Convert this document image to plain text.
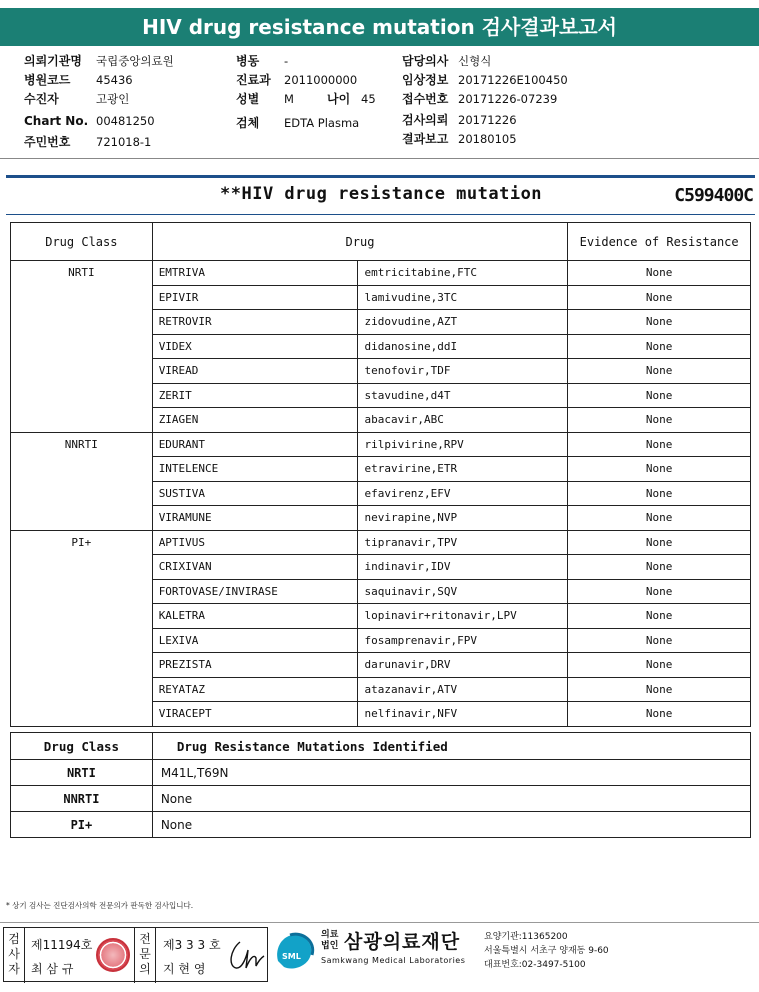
HIV drug resistance mutation 검사결과보고서
의뢰기관명 국립중앙의료원
병원코드 45436
수진자	고광인
Chart No. 00481250
주민번호 721018-1
병동 -
진료과 2011000000
성별 M
검체 EDTA Plasma
나이 45
담당의사 신형식
임상정보 20171226E100450
접수번호 20171226-07239
검사의뢰 20171226
결과보고 20180105
**HIV drug resistance mutation	C599400C
Drug Class	Drug		Evidence of Resistance
NRTI	EMTRIVA	emtricitabine,FTC	None
	EPIVIR	lamivudine,3TC	None
	RETROVIR	zidovudine,AZT	None
	VIDEX	didanosine,ddI	None
	VIREAD	tenofovir,TDF	None
	ZERIT	stavudine,d4T	None
	ZIAGEN	abacavir,ABC	None
NNRTI	EDURANT	rilpivirine,RPV	None
	INTELENCE	etravirine,ETR	None
	SUSTIVA	efavirenz,EFV	None
	VIRAMUNE	nevirapine,NVP	None
PI+	APTIVUS	tipranavir,TPV	None
	CRIXIVAN	indinavir,IDV	None
	FORTOVASE/INVIRASE	saquinavir,SQV	None
	KALETRA	lopinavir+ritonavir,LPV	None
	LEXIVA	fosamprenavir,FPV	None
	PREZISTA	darunavir,DRV	None
	REYATAZ	atazanavir,ATV	None
	VIRACEPT	nelfinavir,NFV	None
Drug Class	Drug Resistance Mutations Identified
NRTI	M41L,T69N
NNRTI	None
PI+	None
* 상기 검사는 진단검사의학 전문의가 판독한 검사입니다.
검
사
자
제11194호
최 삼 규
전
문
의
제3 3 3 호
지 현 영
SML
의료
법인 삼광의료재단
Samkwang Medical Laboratories
요양기관:11365200
서울특별시 서초구 양재동 9-60
대표번호:02-3497-5100
